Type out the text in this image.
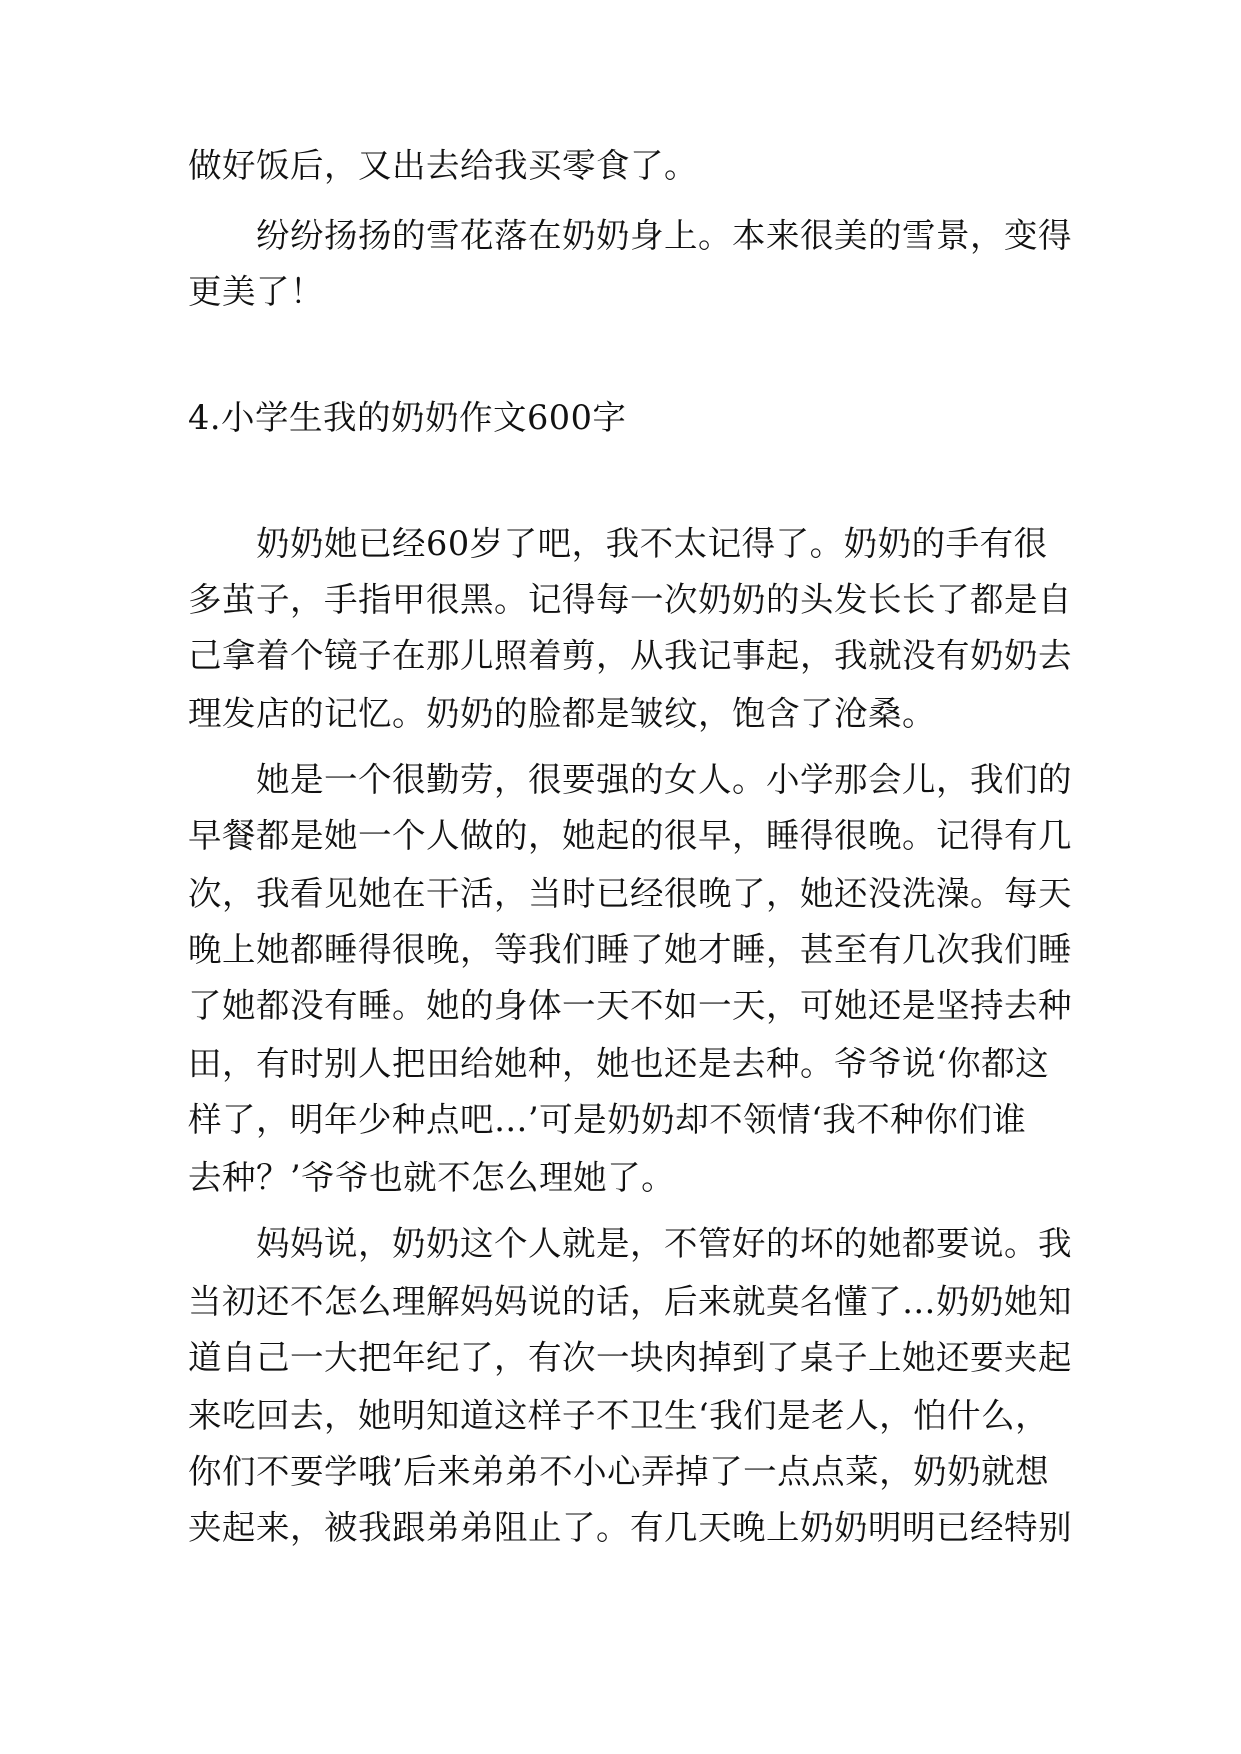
做好饭后，又出去给我买零食了。
纷纷扬扬的雪花落在奶奶身上。本来很美的雪景，变得
更美了！
4.小学生我的奶奶作文600字
奶奶她已经60岁了吧，我不太记得了。奶奶的手有很
多茧子，手指甲很黑。记得每一次奶奶的头发长长了都是自
己拿着个镜子在那儿照着剪，从我记事起，我就没有奶奶去
理发店的记忆。奶奶的脸都是皱纹，饱含了沧桑。
她是一个很勤劳，很要强的女人。小学那会儿，我们的
早餐都是她一个人做的，她起的很早，睡得很晚。记得有几
次，我看见她在干活，当时已经很晚了，她还没洗澡。每天
晚上她都睡得很晚，等我们睡了她才睡，甚至有几次我们睡
了她都没有睡。她的身体一天不如一天，可她还是坚持去种
田，有时别人把田给她种，她也还是去种。爷爷说‘你都这
样了，明年少种点吧…’可是奶奶却不领情‘我不种你们谁
去种？’爷爷也就不怎么理她了。
妈妈说，奶奶这个人就是，不管好的坏的她都要说。我
当初还不怎么理解妈妈说的话，后来就莫名懂了…奶奶她知
道自己一大把年纪了，有次一块肉掉到了桌子上她还要夹起
来吃回去，她明知道这样子不卫生‘我们是老人，怕什么，
你们不要学哦’后来弟弟不小心弄掉了一点点菜，奶奶就想
夹起来，被我跟弟弟阻止了。有几天晚上奶奶明明已经特别
